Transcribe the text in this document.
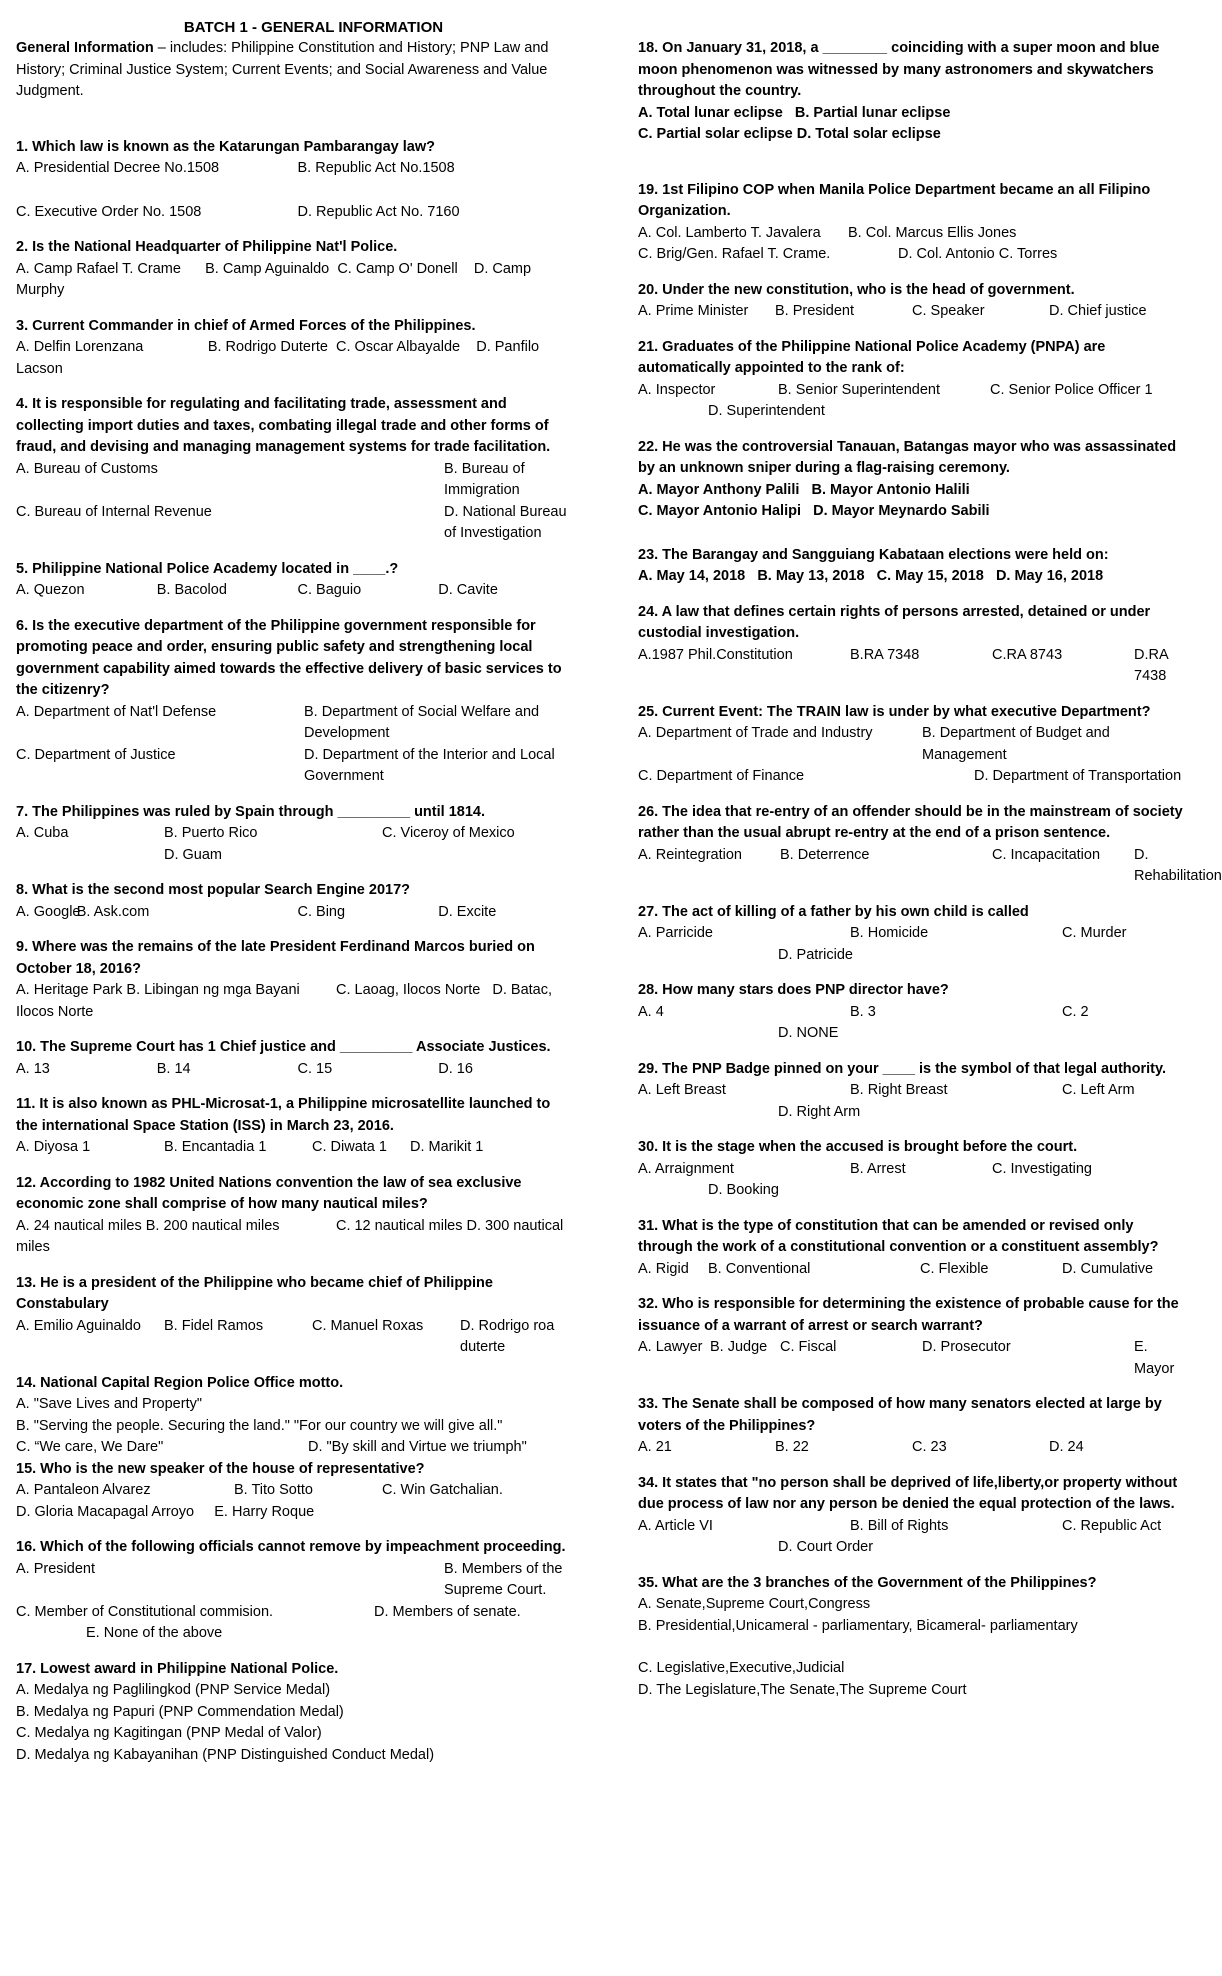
BATCH 1 - GENERAL INFORMATION

General Information – includes: Philippine Constitution and History; PNP Law and History; Criminal Justice System; Current Events; and Social Awareness and Value Judgment.

1. Which law is known as the Katarungan Pambarangay law?

A. Presidential Decree No.1508	B. Republic Act No.1508
C. Executive Order No. 1508	D. Republic Act No. 7160

2. Is the National Headquarter of Philippine Nat'l Police.

A. Camp Rafael T. Crame B. Camp Aguinaldo C. Camp O' Donell D. Camp Murphy

3. Current Commander in chief of Armed Forces of the Philippines.

A. Delfin Lorenzana	B. Rodrigo Duterte C. Oscar Albayalde D. Panfilo Lacson

4. It is responsible for regulating and facilitating trade, assessment and collecting import duties and taxes, combating illegal trade and other forms of fraud, and devising and managing management systems for trade facilitation.

A. Bureau of Customs	B. Bureau of Immigration
C. Bureau of Internal Revenue	D. National Bureau of Investigation

5. Philippine National Police Academy located in ____.?

A. Quezon	B. Bacolod	C. Baguio	D. Cavite

6. Is the executive department of the Philippine government responsible for promoting peace and order, ensuring public safety and strengthening local government capability aimed towards the effective delivery of basic services to the citizenry?

A. Department of Nat'l Defense	B. Department of Social Welfare and Development
C. Department of Justice	D. Department of the Interior and Local Government

7. The Philippines was ruled by Spain through _________ until 1814.

A. Cuba	B. Puerto Rico	C. Viceroy of Mexico
D. Guam

8. What is the second most popular Search Engine 2017?

A. Google
B. Ask.com	C. Bing	D. Excite

9. Where was the remains of the late President Ferdinand Marcos buried on October 18, 2016?

A. Heritage Park B. Libingan ng mga Bayani	C. Laoag, Ilocos Norte D. Batac, Ilocos Norte

10. The Supreme Court has 1 Chief justice and _________ Associate Justices.

A. 13	B. 14	C. 15	D. 16

11. It is also known as PHL-Microsat-1, a Philippine microsatellite launched to the international Space Station (ISS) in March 23, 2016.

A. Diyosa 1	B. Encantadia 1	C. Diwata 1	D. Marikit 1

12. According to 1982 United Nations convention the law of sea exclusive economic zone shall comprise of how many nautical miles?

A. 24 nautical miles B. 200 nautical miles	C. 12 nautical miles D. 300 nautical miles

13. He is a president of the Philippine who became chief of Philippine Constabulary

A. Emilio Aguinaldo	B. Fidel Ramos	C. Manuel Roxas	D. Rodrigo roa duterte

14. National Capital Region Police Office motto.

A. "Save Lives and Property"
B. "Serving the people. Securing the land." "For our country we will give all."
C. “We care, We Dare"	D. "By skill and Virtue we triumph"

15. Who is the new speaker of the house of representative?

A. Pantaleon Alvarez	B. Tito Sotto	C. Win Gatchalian.
D. Gloria Macapagal Arroyo E. Harry Roque

16. Which of the following officials cannot remove by impeachment proceeding.

A. President	B. Members of the Supreme Court.
C. Member of Constitutional commision.	D. Members of senate.
E. None of the above

17. Lowest award in Philippine National Police.

A. Medalya ng Paglilingkod (PNP Service Medal)
B. Medalya ng Papuri (PNP Commendation Medal)
C. Medalya ng Kagitingan (PNP Medal of Valor)
D. Medalya ng Kabayanihan (PNP Distinguished Conduct Medal)

18. On January 31, 2018, a ________ coinciding with a super moon and blue moon phenomenon was witnessed by many astronomers and skywatchers throughout the country.

A. Total lunar eclipse B. Partial lunar eclipse
C. Partial solar eclipse D. Total solar eclipse

19. 1st Filipino COP when Manila Police Department became an all Filipino Organization.

A. Col. Lamberto T. Javalera	B. Col. Marcus Ellis Jones
C. Brig/Gen. Rafael T. Crame.	D. Col. Antonio C. Torres

20. Under the new constitution, who is the head of government.

A. Prime Minister	B. President	C. Speaker	D. Chief justice

21. Graduates of the Philippine National Police Academy (PNPA) are automatically appointed to the rank of:

A. Inspector	B. Senior Superintendent	C. Senior Police Officer 1
D. Superintendent

22. He was the controversial Tanauan, Batangas mayor who was assassinated by an unknown sniper during a flag-raising ceremony.

A. Mayor Anthony Palili B. Mayor Antonio Halili
C. Mayor Antonio Halipi D. Mayor Meynardo Sabili

23. The Barangay and Sangguiang Kabataan elections were held on:

A. May 14, 2018 B. May 13, 2018 C. May 15, 2018 D. May 16, 2018

24. A law that defines certain rights of persons arrested, detained or under custodial investigation.

A.1987 Phil.Constitution	B.RA 7348	C.RA 8743	D.RA 7438

25. Current Event: The TRAIN law is under by what executive Department?

A. Department of Trade and Industry	B. Department of Budget and Management
C. Department of Finance	D. Department of Transportation

26. The idea that re-entry of an offender should be in the mainstream of society rather than the usual abrupt re-entry at the end of a prison sentence.

A. Reintegration	B. Deterrence	C. Incapacitation	D. Rehabilitation

27. The act of killing of a father by his own child is called

A. Parricide	B. Homicide	C. Murder
D. Patricide

28. How many stars does PNP director have?

A. 4	B. 3	C. 2
D. NONE

29. The PNP Badge pinned on your ____ is the symbol of that legal authority.

A. Left Breast	B. Right Breast	C. Left Arm
D. Right Arm

30. It is the stage when the accused is brought before the court.

A. Arraignment	B. Arrest	C. Investigating
D. Booking

31. What is the type of constitution that can be amended or revised only through the work of a constitutional convention or a constituent assembly?

A. Rigid	B. Conventional	C. Flexible	D. Cumulative

32. Who is responsible for determining the existence of probable cause for the issuance of a warrant of arrest or search warrant?

A. Lawyer B. Judge C. Fiscal	D. Prosecutor	E. Mayor

33. The Senate shall be composed of how many senators elected at large by voters of the Philippines?

A. 21	B. 22	C. 23	D. 24

34. It states that "no person shall be deprived of life,liberty,or property without due process of law nor any person be denied the equal protection of the laws.

A. Article VI	B. Bill of Rights	C. Republic Act
D. Court Order

35. What are the 3 branches of the Government of the Philippines?

A. Senate,Supreme Court,Congress
B. Presidential,Unicameral - parliamentary, Bicameral- parliamentary
C. Legislative,Executive,Judicial
D. The Legislature,The Senate,The Supreme Court
